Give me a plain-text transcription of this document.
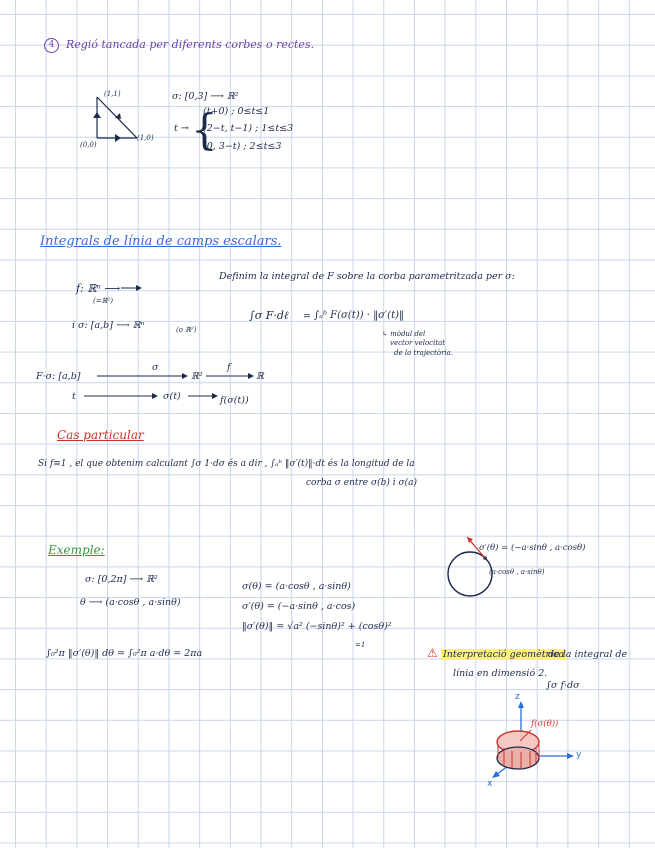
4	Regió tancada per diferents corbes o rectes.
(1,1)
(0,0)
(1,0)
σ: [0,3] ⟶ ℝ²
t → {
(t+0) ; 0≤t≤1
(2−t, t−1) ; 1≤t≤3
(0, 3−t) ; 2≤t≤3
Integrals de línia de camps escalars.
f: ℝⁿ ⟶
(=ℝ²)
Definim la integral de F sobre la corba parametritzada per σ:
i σ: [a,b] ⟶ ℝⁿ	(o ℝ²)
∫σ F·dℓ = ∫ₐᵇ F(σ(t)) · ‖σ′(t)‖
↳ mòdul del
vector velocitat
de la trajectòria.
F·σ: [a,b]
σ
ℝ²
f
ℝ
t	σ(t)	f(σ(t))
Cas particular
Si f≡1 , el que obtenim calculant ∫σ 1·dσ és a dir , ∫ₐᵇ ‖σ′(t)‖·dt és la longitud de la
corba σ entre σ(b) i σ(a)
Exemple:
σ: [0,2π] ⟶ ℝ²
θ ⟶ (a·cosθ , a·sinθ)
σ(θ) = (a·cosθ , a·sinθ)
σ′(θ) = (−a·sinθ , a·cos)
‖σ′(θ)‖ = √a² (−sinθ)² + (cosθ)²
=1
∫₀²π ‖σ′(θ)‖ dθ = ∫₀²π a·dθ = 2πa
σ′(θ) = (−a·sinθ , a·cosθ)
(a·cosθ , a·sinθ)
⚠ Interpretació geomètrica
de la integral de
línia en dimensió 2.
∫σ f·dσ
z
y
x
f(σ(θ))
